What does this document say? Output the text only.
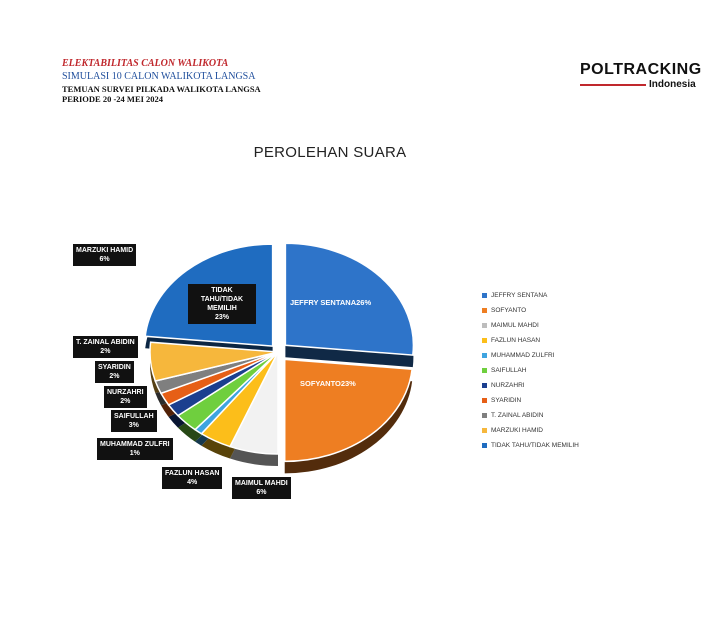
ELEKTABILITAS CALON WALIKOTA
SIMULASI 10 CALON WALIKOTA LANGSA
TEMUAN SURVEI PILKADA WALIKOTA LANGSA
PERIODE 20 -24 MEI 2024
POLTRACKING
Indonesia
PEROLEHAN SUARA
JEFFRY SENTANA
SOFYANTO
MAIMUL MAHDI
FAZLUN HASAN
MUHAMMAD ZULFRI
SAIFULLAH
NURZAHRI
SYARIDIN
T. ZAINAL ABIDIN
MARZUKI HAMID
TIDAK TAHU/TIDAK MEMILIH
JEFFRY SENTANA26%
SOFYANTO23%
MAIMUL MAHDI
6%
FAZLUN HASAN
4%
MUHAMMAD ZULFRI
1%
SAIFULLAH
3%
NURZAHRI
2%
SYARIDIN
2%
T. ZAINAL ABIDIN
2%
MARZUKI HAMID
6%
TIDAK TAHU/TIDAK MEMILIH
23%
